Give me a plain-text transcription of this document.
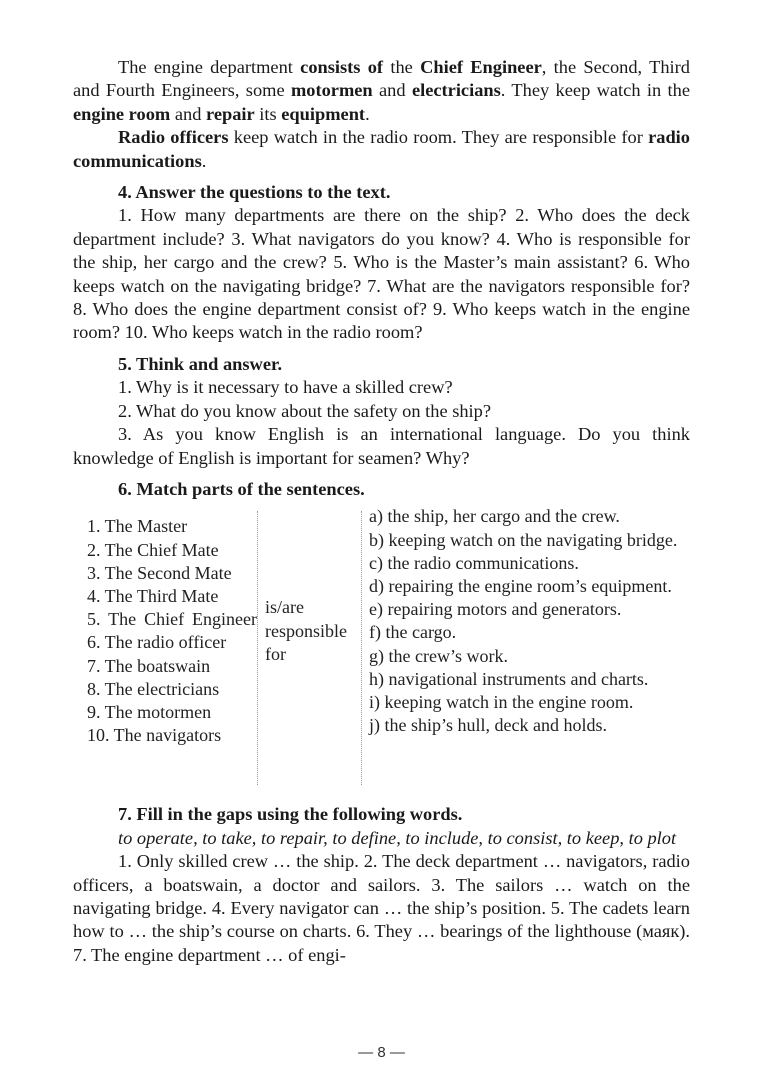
The engine department consists of the Chief Engineer, the Second, Third and Fourth Engineers, some motormen and electricians. They keep watch in the engine room and repair its equipment.

Radio officers keep watch in the radio room. They are responsible for radio communications.

4. Answer the questions to the text.

1. How many departments are there on the ship? 2. Who does the deck department include? 3. What navigators do you know? 4. Who is responsible for the ship, her cargo and the crew? 5. Who is the Master’s main assistant? 6. Who keeps watch on the navigating bridge? 7. What are the navigators responsible for? 8. Who does the engine department consist of? 9. Who keeps watch in the engine room? 10. Who keeps watch in the radio room?

5. Think and answer.

1. Why is it necessary to have a skilled crew?

2. What do you know about the safety on the ship?

3. As you know English is an international language. Do you think knowledge of English is important for seamen? Why?

6. Match parts of the sentences.

1. The Master
2. The Chief Mate
3. The Second Mate
4. The Third Mate
5. The Chief Engineer
6. The radio officer
7. The boatswain
8. The electricians
9. The motormen
10. The navigators
is/are responsible for
a) the ship, her cargo and the crew.
b) keeping watch on the navigating bridge.
c) the radio communications.
d) repairing the engine room’s equipment.
e) repairing motors and generators.
f) the cargo.
g) the crew’s work.
h) navigational instruments and charts.
i) keeping watch in the engine room.
j) the ship’s hull, deck and holds.

7. Fill in the gaps using the following words.

to operate, to take, to repair, to define, to include, to consist, to keep, to plot

1. Only skilled crew … the ship. 2. The deck department … navigators, radio officers, a boatswain, a doctor and sailors. 3. The sailors … watch on the navigating bridge. 4. Every navigator can … the ship’s position. 5. The cadets learn how to … the ship’s course on charts. 6. They … bearings of the lighthouse (маяк). 7. The engine department … of engi-

— 8 —
